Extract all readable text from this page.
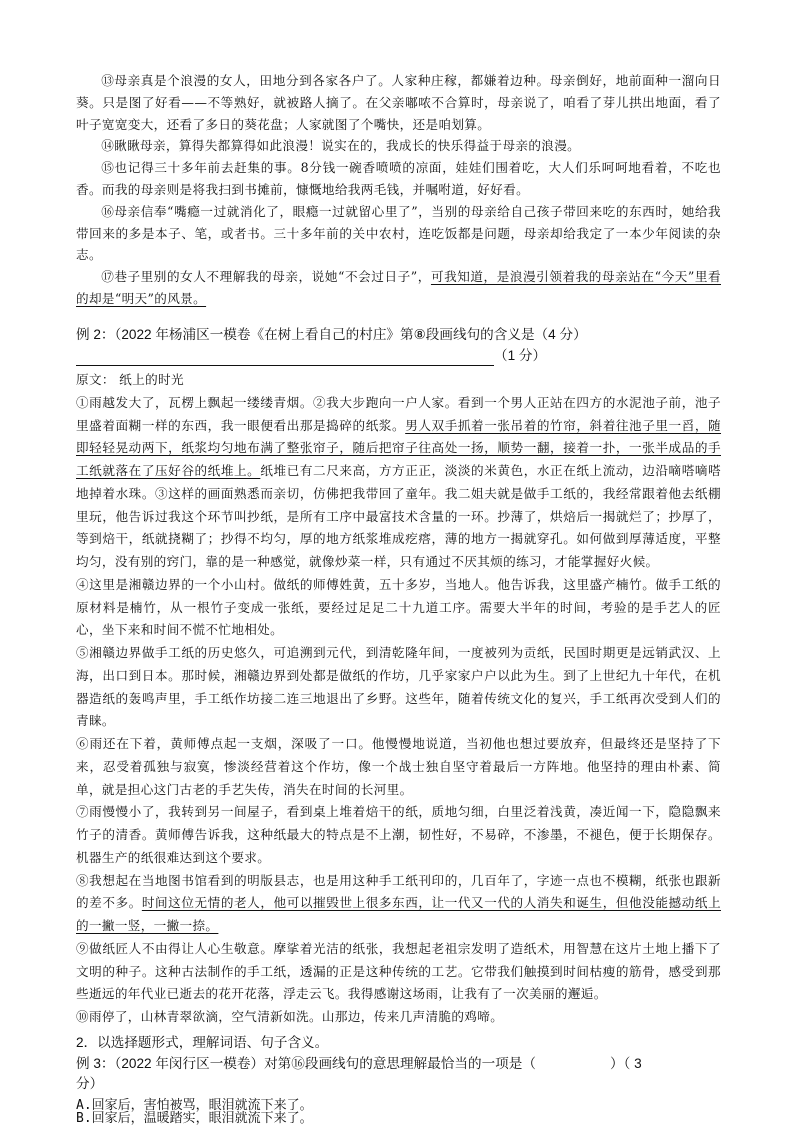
⑬母亲真是个浪漫的女人，田地分到各家各户了。人家种庄稼，都嫌着边种。母亲倒好，地前面种一溜向日葵。只是图了好看——不等熟好，就被路人摘了。在父亲嘟哝不合算时，母亲说了，咱看了芽儿拱出地面，看了叶子宽宽变大，还看了多日的葵花盘；人家就图了个嘴快，还是咱划算。

⑭瞅瞅母亲，算得失都算得如此浪漫！说实在的，我成长的快乐得益于母亲的浪漫。

⑮也记得三十多年前去赶集的事。8分钱一碗香喷喷的凉面，娃娃们围着吃，大人们乐呵呵地看着，不吃也香。而我的母亲则是将我扫到书摊前，慷慨地给我两毛钱，并嘱咐道，好好看。

⑯母亲信奉“嘴瘾一过就消化了，眼瘾一过就留心里了”，当别的母亲给自己孩子带回来吃的东西时，她给我带回来的多是本子、笔，或者书。三十多年前的关中农村，连吃饭都是问题，母亲却给我定了一本少年阅读的杂志。

⑰巷子里别的女人不理解我的母亲，说她“不会过日子”，可我知道，是浪漫引领着我的母亲站在“今天”里看的却是“明天”的风景。

例 2：（2022 年杨浦区一模卷《在树上看自己的村庄》第⑧段画线句的含义是（4 分）
（1 分）

原文： 纸上的时光

①雨越发大了，瓦楞上飘起一缕缕青烟。②我大步跑向一户人家。看到一个男人正站在四方的水泥池子前，池子里盛着面糊一样的东西，我一眼便看出那是捣碎的纸浆。男人双手抓着一张吊着的竹帘，斜着往池子里一舀，随即轻轻晃动两下，纸浆均匀地布满了整张帘子，随后把帘子往高处一扬，顺势一翻，接着一扑，一张半成品的手工纸就落在了压好谷的纸堆上。纸堆已有二尺来高，方方正正，淡淡的米黄色，水正在纸上流动，边沿嘀嗒嘀嗒地掉着水珠。③这样的画面熟悉而亲切，仿佛把我带回了童年。我二姐夫就是做手工纸的，我经常跟着他去纸棚里玩，他告诉过我这个环节叫抄纸，是所有工序中最富技术含量的一环。抄薄了，烘焙后一揭就烂了；抄厚了，等到焙干，纸就挠糊了；抄得不均匀，厚的地方纸浆堆成疙瘩，薄的地方一揭就穿孔。如何做到厚薄适度，平整均匀，没有别的窍门，靠的是一种感觉，就像炒菜一样，只有通过不厌其烦的练习，才能掌握好火候。

④这里是湘赣边界的一个小山村。做纸的师傅姓黄，五十多岁，当地人。他告诉我，这里盛产楠竹。做手工纸的原材料是楠竹，从一根竹子变成一张纸，要经过足足二十九道工序。需要大半年的时间，考验的是手艺人的匠心，坐下来和时间不慌不忙地相处。

⑤湘赣边界做手工纸的历史悠久，可追溯到元代，到清乾隆年间，一度被列为贡纸，民国时期更是远销武汉、上海，出口到日本。那时候，湘赣边界到处都是做纸的作坊，几乎家家户户以此为生。到了上世纪九十年代，在机器造纸的轰鸣声里，手工纸作坊接二连三地退出了乡野。这些年，随着传统文化的复兴，手工纸再次受到人们的青睐。

⑥雨还在下着，黄师傅点起一支烟，深吸了一口。他慢慢地说道，当初他也想过要放弃，但最终还是坚持了下来，忍受着孤独与寂寞，惨淡经营着这个作坊，像一个战士独自坚守着最后一方阵地。他坚持的理由朴素、简单，就是担心这门古老的手艺失传，消失在时间的长河里。

⑦雨慢慢小了，我转到另一间屋子，看到桌上堆着焙干的纸，质地匀细，白里泛着浅黄，凑近闻一下，隐隐飘来竹子的清香。黄师傅告诉我，这种纸最大的特点是不上潮，韧性好，不易碎，不渗墨，不褪色，便于长期保存。机器生产的纸很难达到这个要求。

⑧我想起在当地图书馆看到的明版县志，也是用这种手工纸刊印的，几百年了，字迹一点也不模糊，纸张也跟新的差不多。时间这位无情的老人，他可以摧毁世上很多东西，让一代又一代的人消失和诞生，但他没能撼动纸上的一撇一竖，一撇一捺。

⑨做纸匠人不由得让人心生敬意。摩挲着光洁的纸张，我想起老祖宗发明了造纸术，用智慧在这片土地上播下了文明的种子。这种古法制作的手工纸，透漏的正是这种传统的工艺。它带我们触摸到时间枯瘦的筋骨，感受到那些逝远的年代业已逝去的花开花落，浮走云飞。我得感谢这场雨，让我有了一次美丽的邂逅。

⑩雨停了，山林青翠欲滴，空气清新如洗。山那边，传来几声清脆的鸡啼。

2．以选择题形式，理解词语、句子含义。
例 3：（2022 年闵行区一模卷）对第⑯段画线句的意思理解最恰当的一项是（	）（ 3
分）
A.回家后，害怕被骂，眼泪就流下来了。
B.回家后，温暖踏实，眼泪就流下来了。
